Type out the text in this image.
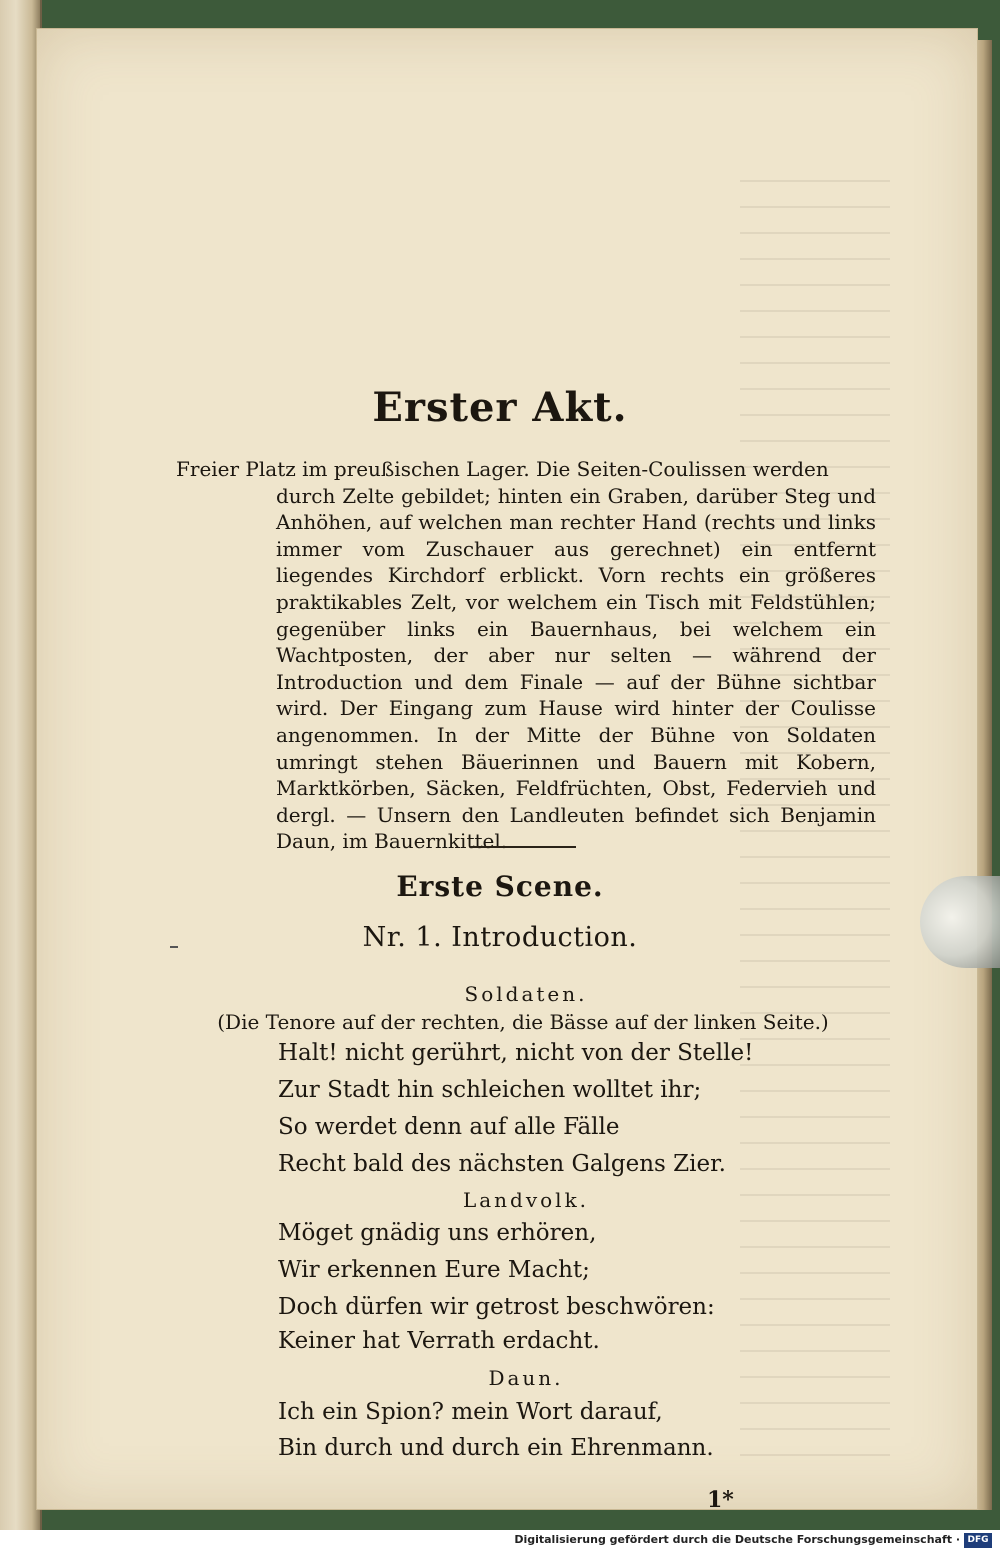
Erster Akt.
Freier Platz im preußischen Lager. Die Seiten-Coulissen werden
durch Zelte gebildet; hinten ein Graben, darüber Steg und Anhöhen, auf welchen man rechter Hand (rechts und links immer vom Zuschauer aus gerechnet) ein entfernt liegendes Kirchdorf erblickt. Vorn rechts ein größeres praktikables Zelt, vor welchem ein Tisch mit Feldstühlen; gegenüber links ein Bauernhaus, bei welchem ein Wachtposten, der aber nur selten — während der Introduction und dem Finale — auf der Bühne sichtbar wird. Der Eingang zum Hause wird hinter der Coulisse angenommen. In der Mitte der Bühne von Soldaten umringt stehen Bäuerinnen und Bauern mit Kobern, Marktkörben, Säcken, Feldfrüchten, Obst, Federvieh und dergl. — Unsern den Landleuten befindet sich Benjamin Daun, im Bauernkittel.
Erste Scene.
Nr. 1. Introduction.
Soldaten.
(Die Tenore auf der rechten, die Bässe auf der linken Seite.)
Halt! nicht gerührt, nicht von der Stelle!
Zur Stadt hin schleichen wolltet ihr;
So werdet denn auf alle Fälle
Recht bald des nächsten Galgens Zier.
Landvolk.
Möget gnädig uns erhören,
Wir erkennen Eure Macht;
Doch dürfen wir getrost beschwören:
Keiner hat Verrath erdacht.
Daun.
Ich ein Spion? mein Wort darauf,
Bin durch und durch ein Ehrenmann.
1*
Digitalisierung gefördert durch die Deutsche Forschungsgemeinschaft · DFG
